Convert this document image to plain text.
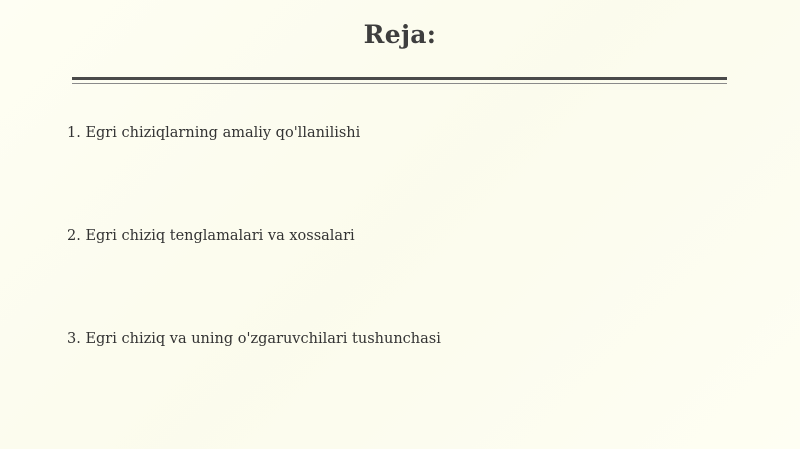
Reja:
1. Egri chiziqlarning amaliy qo'llanilishi
2. Egri chiziq tenglamalari va xossalari
3. Egri chiziq va uning o'zgaruvchilari tushunchasi
